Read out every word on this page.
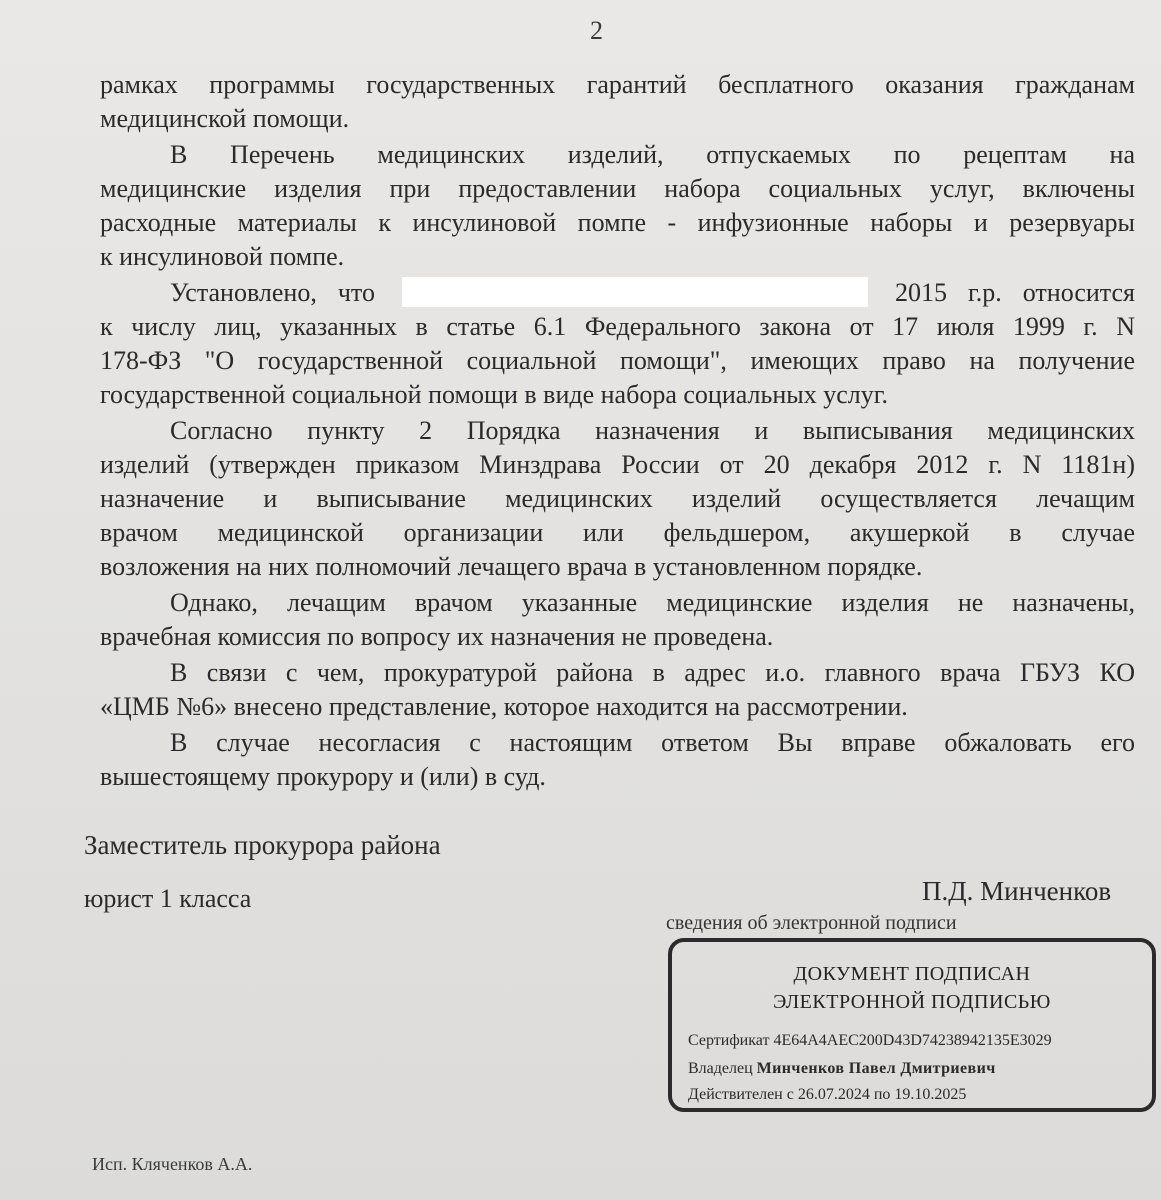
2
рамках программы государственных гарантий бесплатного оказания гражданам
медицинской помощи.
В Перечень медицинских изделий, отпускаемых по рецептам на
медицинские изделия при предоставлении набора социальных услуг, включены
расходные материалы к инсулиновой помпе - инфузионные наборы и резервуары
к инсулиновой помпе.
Установлено, что	2015 г.р. относится
к числу лиц, указанных в статье 6.1 Федерального закона от 17 июля 1999 г. N
178-ФЗ "О государственной социальной помощи", имеющих право на получение
государственной социальной помощи в виде набора социальных услуг.
Согласно пункту 2 Порядка назначения и выписывания медицинских
изделий (утвержден приказом Минздрава России от 20 декабря 2012 г. N 1181н)
назначение и выписывание медицинских изделий осуществляется лечащим
врачом медицинской организации или фельдшером, акушеркой в случае
возложения на них полномочий лечащего врача в установленном порядке.
Однако, лечащим врачом указанные медицинские изделия не назначены,
врачебная комиссия по вопросу их назначения не проведена.
В связи с чем, прокуратурой района в адрес и.о. главного врача ГБУЗ КО
«ЦМБ №6» внесено представление, которое находится на рассмотрении.
В случае несогласия с настоящим ответом Вы вправе обжаловать его
вышестоящему прокурору и (или) в суд.
Заместитель прокурора района
юрист 1 класса	П.Д. Минченков
сведения об электронной подписи
ДОКУМЕНТ ПОДПИСАН
ЭЛЕКТРОННОЙ ПОДПИСЬЮ
Сертификат 4E64A4AEC200D43D74238942135E3029
Владелец Минченков Павел Дмитриевич
Действителен с 26.07.2024 по 19.10.2025
Исп. Кляченков А.А.
